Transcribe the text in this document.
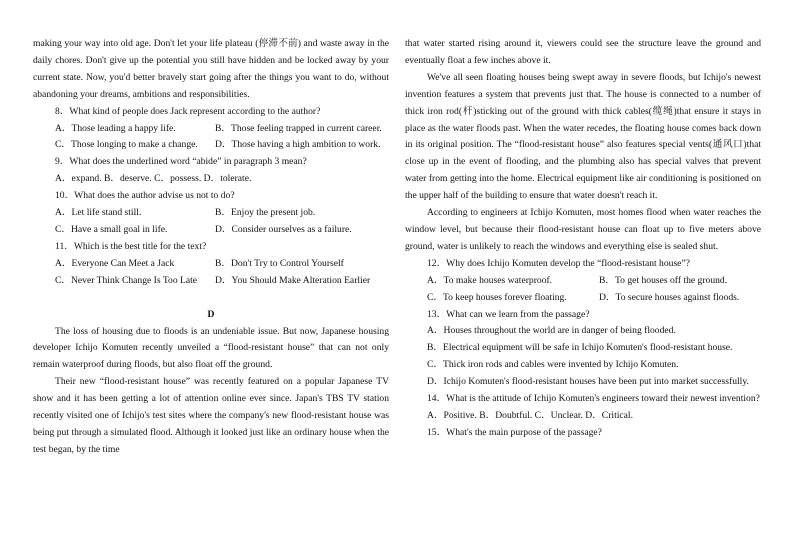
making your way into old age. Don't let your life plateau (停滞不前) and waste away in the daily chores. Don't give up the potential you still have hidden and be locked away by your current state. Now, you'd better bravely start going after the things you want to do, without abandoning your dreams, ambitions and responsibilities.

8．What kind of people does Jack represent according to the author?

A．Those leading a happy life.	B．Those feeling trapped in current career.
C．Those longing to make a change.	D．Those having a high ambition to work.

9．What does the underlined word “abide” in paragraph 3 mean?

A．expand. B．deserve. C．possess. D．tolerate.

10．What does the author advise us not to do?

A．Let life stand still.	B．Enjoy the present job.
C．Have a small goal in life.	D．Consider ourselves as a failure.

11．Which is the best title for the text?

A．Everyone Can Meet a Jack	B．Don't Try to Control Yourself
C．Never Think Change Is Too Late	D．You Should Make Alteration Earlier

D

The loss of housing due to floods is an undeniable issue. But now, Japanese housing developer Ichijo Komuten recently unveiled a “flood-resistant house” that can not only remain waterproof during floods, but also float off the ground.

Their new “flood-resistant house” was recently featured on a popular Japanese TV show and it has been getting a lot of attention online ever since. Japan's TBS TV station recently visited one of Ichijo's test sites where the company's new flood-resistant house was being put through a simulated flood. Although it looked just like an ordinary house when the test began, by the time

that water started rising around it, viewers could see the structure leave the ground and eventually float a few inches above it.

We've all seen floating houses being swept away in severe floods, but Ichijo's newest invention features a system that prevents just that. The house is connected to a number of thick iron rod(杆)sticking out of the ground with thick cables(缆绳)that ensure it stays in place as the water floods past. When the water recedes, the floating house comes back down in its original position. The “flood-resistant house” also features special vents(通风口)that close up in the event of flooding, and the plumbing also has special valves that prevent water from getting into the home. Electrical equipment like air conditioning is positioned on the upper half of the building to ensure that water doesn't reach it.

According to engineers at Ichijo Komuten, most homes flood when water reaches the window level, but because their flood-resistant house can float up to five meters above ground, water is unlikely to reach the windows and everything else is sealed shut.

12．Why does Ichijo Komuten develop the “flood-resistant house”?

A．To make houses waterproof.	B．To get houses off the ground.
C．To keep houses forever floating.	D．To secure houses against floods.

13．What can we learn from the passage?

A．Houses throughout the world are in danger of being flooded.

B．Electrical equipment will be safe in Ichijo Komuten's flood-resistant house.

C．Thick iron rods and cables were invented by Ichijo Komuten.

D．Ichijo Komuten's flood-resistant houses have been put into market successfully.

14．What is the attitude of Ichijo Komuten's engineers toward their newest invention?

A．Positive. B．Doubtful. C．Unclear. D．Critical.

15．What's the main purpose of the passage?
